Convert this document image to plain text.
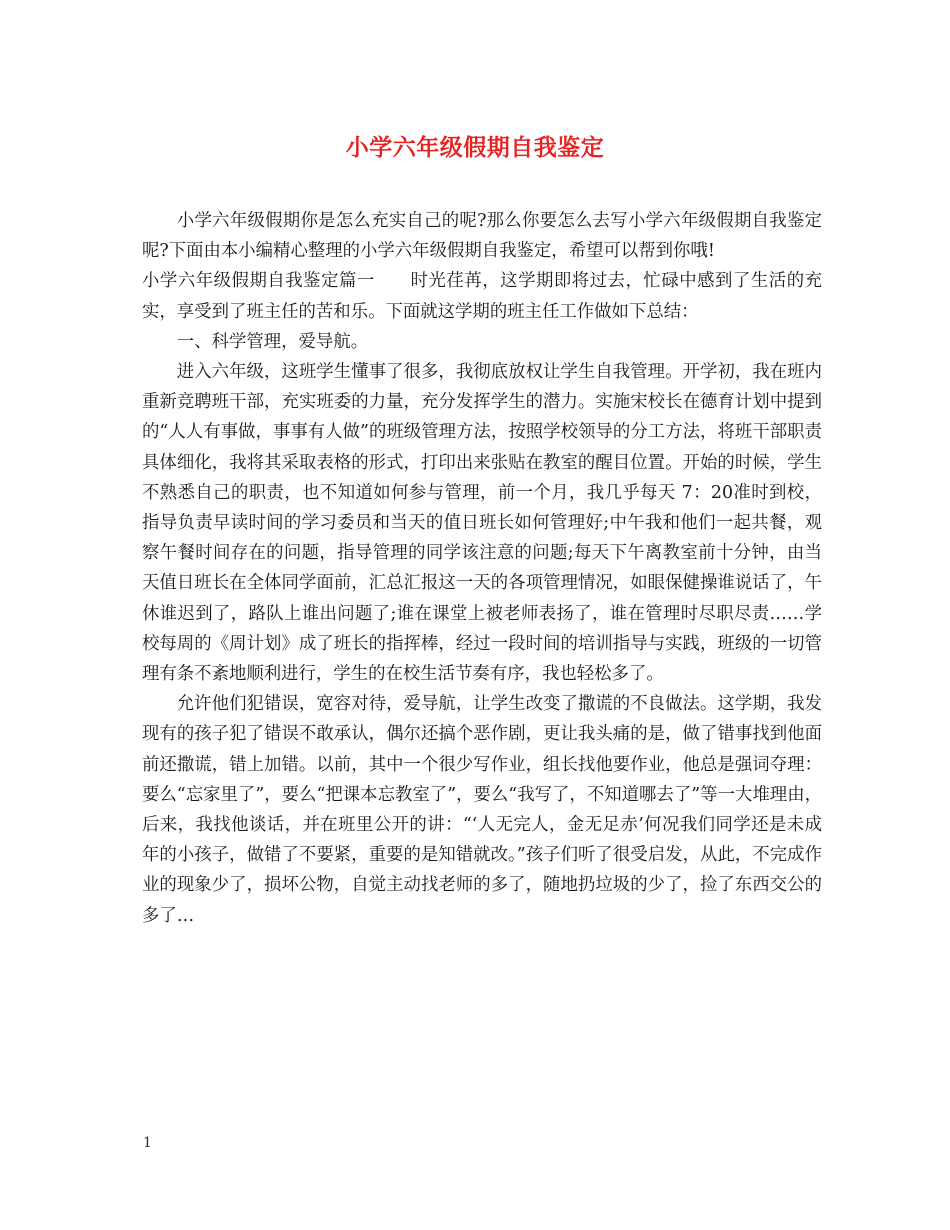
小学六年级假期自我鉴定

小学六年级假期你是怎么充实自己的呢?那么你要怎么去写小学六年级假期自我鉴定呢?下面由本小编精心整理的小学六年级假期自我鉴定，希望可以帮到你哦!

小学六年级假期自我鉴定篇一　　时光荏苒，这学期即将过去，忙碌中感到了生活的充实，享受到了班主任的苦和乐。下面就这学期的班主任工作做如下总结：

一、科学管理，爱导航。

进入六年级，这班学生懂事了很多，我彻底放权让学生自我管理。开学初，我在班内重新竞聘班干部，充实班委的力量，充分发挥学生的潜力。实施宋校长在德育计划中提到的“人人有事做，事事有人做”的班级管理方法，按照学校领导的分工方法，将班干部职责具体细化，我将其采取表格的形式，打印出来张贴在教室的醒目位置。开始的时候，学生不熟悉自己的职责，也不知道如何参与管理，前一个月，我几乎每天 7：20准时到校，指导负责早读时间的学习委员和当天的值日班长如何管理好;中午我和他们一起共餐，观察午餐时间存在的问题，指导管理的同学该注意的问题;每天下午离教室前十分钟，由当天值日班长在全体同学面前，汇总汇报这一天的各项管理情况，如眼保健操谁说话了，午休谁迟到了，路队上谁出问题了;谁在课堂上被老师表扬了，谁在管理时尽职尽责……学校每周的《周计划》成了班长的指挥棒，经过一段时间的培训指导与实践，班级的一切管理有条不紊地顺利进行，学生的在校生活节奏有序，我也轻松多了。

允许他们犯错误，宽容对待，爱导航，让学生改变了撒谎的不良做法。这学期，我发现有的孩子犯了错误不敢承认，偶尔还搞个恶作剧，更让我头痛的是，做了错事找到他面前还撒谎，错上加错。以前，其中一个很少写作业，组长找他要作业，他总是强词夺理：要么“忘家里了”，要么“把课本忘教室了”，要么“我写了，不知道哪去了”等一大堆理由，后来，我找他谈话，并在班里公开的讲：“‘人无完人，金无足赤’何况我们同学还是未成年的小孩子，做错了不要紧，重要的是知错就改。”孩子们听了很受启发，从此，不完成作业的现象少了，损坏公物，自觉主动找老师的多了，随地扔垃圾的少了，捡了东西交公的多了…

1
